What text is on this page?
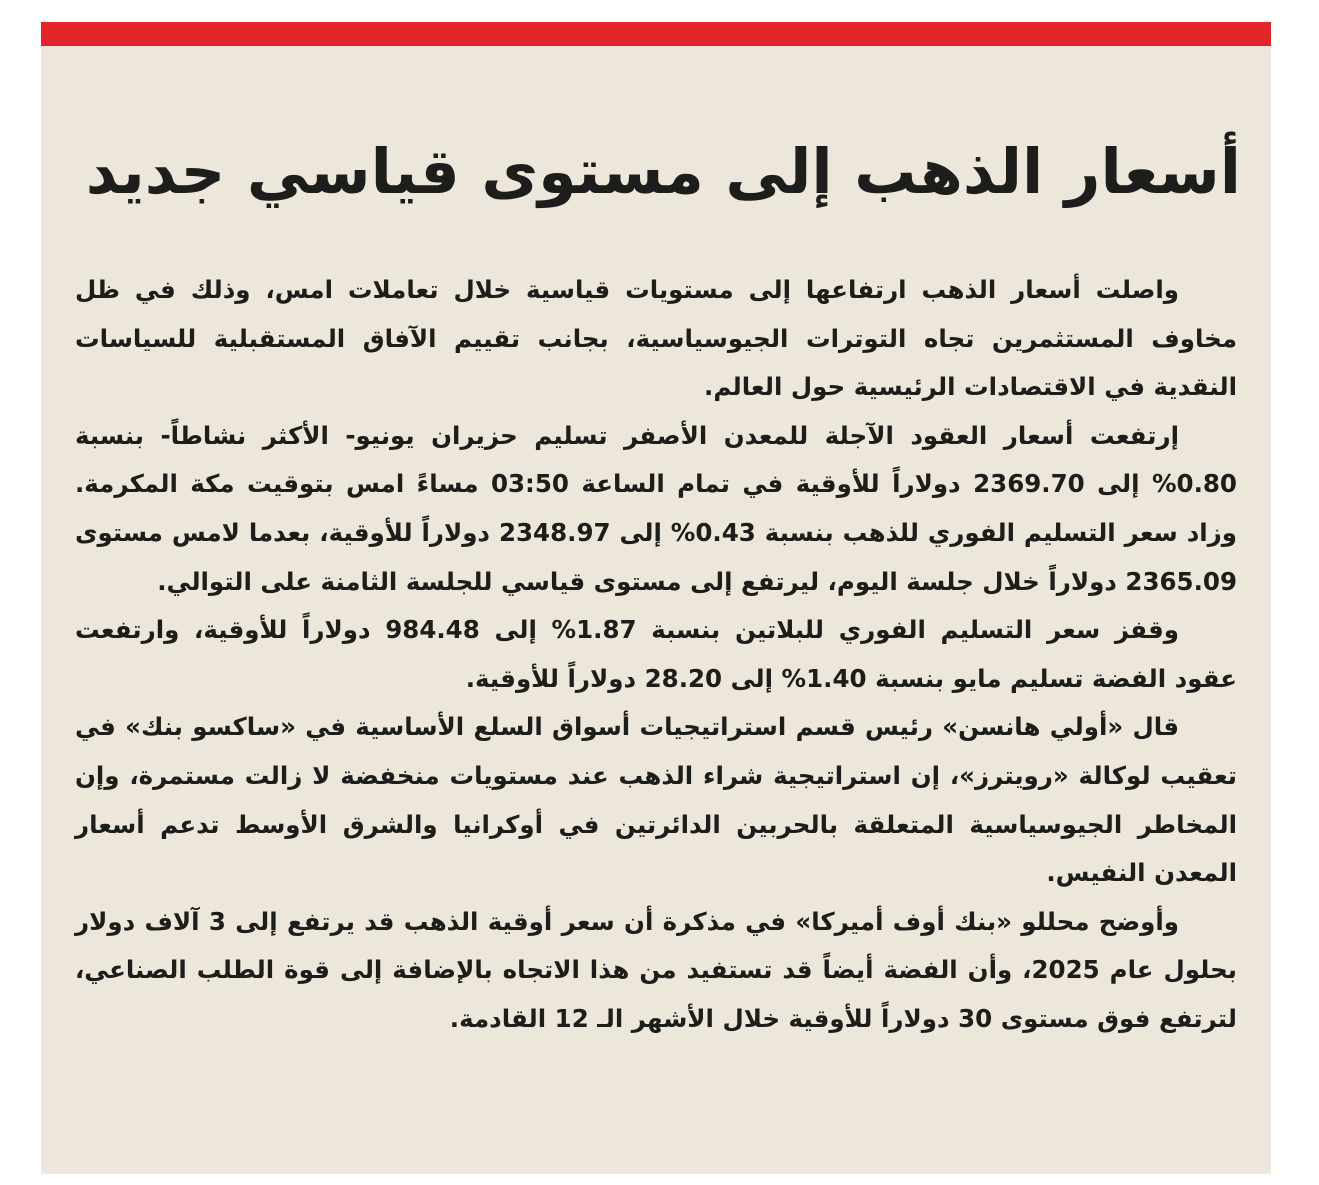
أسعار الذهب إلى مستوى قياسي جديد

واصلت أسعار الذهب ارتفاعها إلى مستويات قياسية خلال تعاملات امس، وذلك في ظل مخاوف المستثمرين تجاه التوترات الجيوسياسية، بجانب تقييم الآفاق المستقبلية للسياسات النقدية في الاقتصادات الرئيسية حول العالم.

إرتفعت أسعار العقود الآجلة للمعدن الأصفر تسليم حزيران يونيو- الأكثر نشاطاً- بنسبة 0.80% إلى 2369.70 دولاراً للأوقية في تمام الساعة 03:50 مساءً امس بتوقيت مكة المكرمة. وزاد سعر التسليم الفوري للذهب بنسبة 0.43% إلى 2348.97 دولاراً للأوقية، بعدما لامس مستوى 2365.09 دولاراً خلال جلسة اليوم، ليرتفع إلى مستوى قياسي للجلسة الثامنة على التوالي.

وقفز سعر التسليم الفوري للبلاتين بنسبة 1.87% إلى 984.48 دولاراً للأوقية، وارتفعت عقود الفضة تسليم مايو بنسبة 1.40% إلى 28.20 دولاراً للأوقية.

قال «أولي هانسن» رئيس قسم استراتيجيات أسواق السلع الأساسية في «ساكسو بنك» في تعقيب لوكالة «رويترز»، إن استراتيجية شراء الذهب عند مستويات منخفضة لا زالت مستمرة، وإن المخاطر الجيوسياسية المتعلقة بالحربين الدائرتين في أوكرانيا والشرق الأوسط تدعم أسعار المعدن النفيس.

وأوضح محللو «بنك أوف أميركا» في مذكرة أن سعر أوقية الذهب قد يرتفع إلى 3 آلاف دولار بحلول عام 2025، وأن الفضة أيضاً قد تستفيد من هذا الاتجاه بالإضافة إلى قوة الطلب الصناعي، لترتفع فوق مستوى 30 دولاراً للأوقية خلال الأشهر الـ 12 القادمة.
